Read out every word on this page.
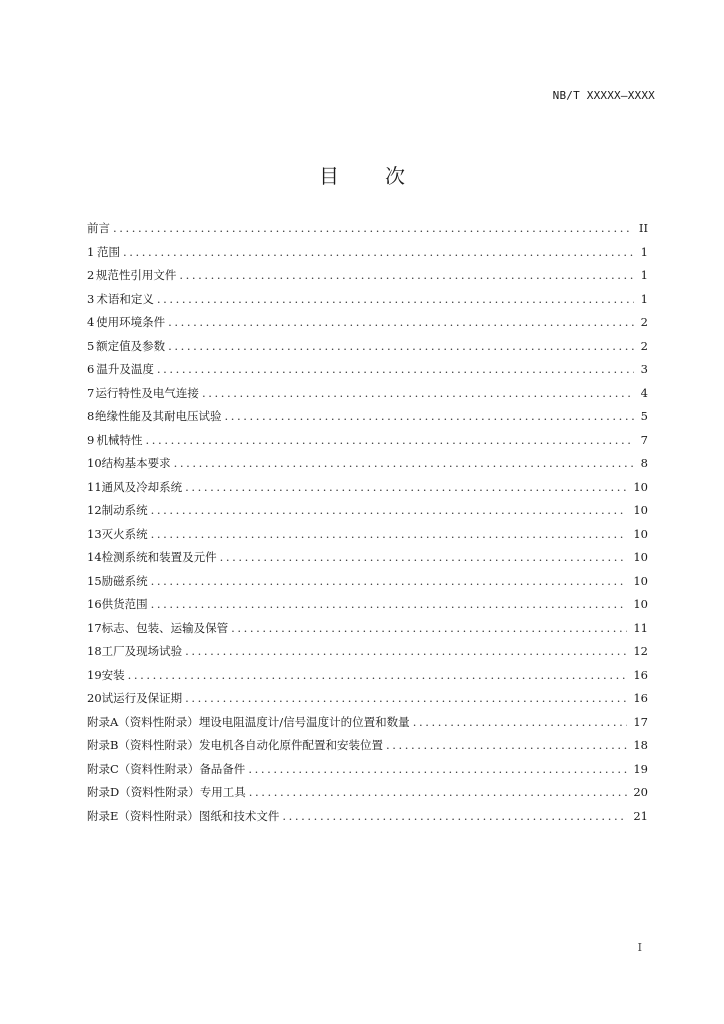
NB/T XXXXX—XXXX
目 次
前言 .....	II
1 范围 .....	1
2 规范性引用文件 .....	1
3 术语和定义 .....	1
4 使用环境条件 .....	2
5 额定值及参数 .....	2
6 温升及温度 .....	3
7 运行特性及电气连接 .....	4
8 绝缘性能及其耐电压试验 .....	5
9 机械特性 .....	7
10 结构基本要求 .....	8
11 通风及冷却系统 .....	10
12 制动系统 .....	10
13 灭火系统 .....	10
14 检测系统和装置及元件 .....	10
15 励磁系统 .....	10
16 供货范围 .....	10
17 标志、包装、运输及保管 .....	11
18 工厂及现场试验 .....	12
19 安装 .....	16
20 试运行及保证期 .....	16
附录A（资料性附录） 埋设电阻温度计/信号温度计的位置和数量 .....	17
附录B（资料性附录） 发电机各自动化原件配置和安装位置 .....	18
附录C（资料性附录） 备品备件 .....	19
附录D（资料性附录） 专用工具 .....	20
附录E（资料性附录） 图纸和技术文件 .....	21
I
